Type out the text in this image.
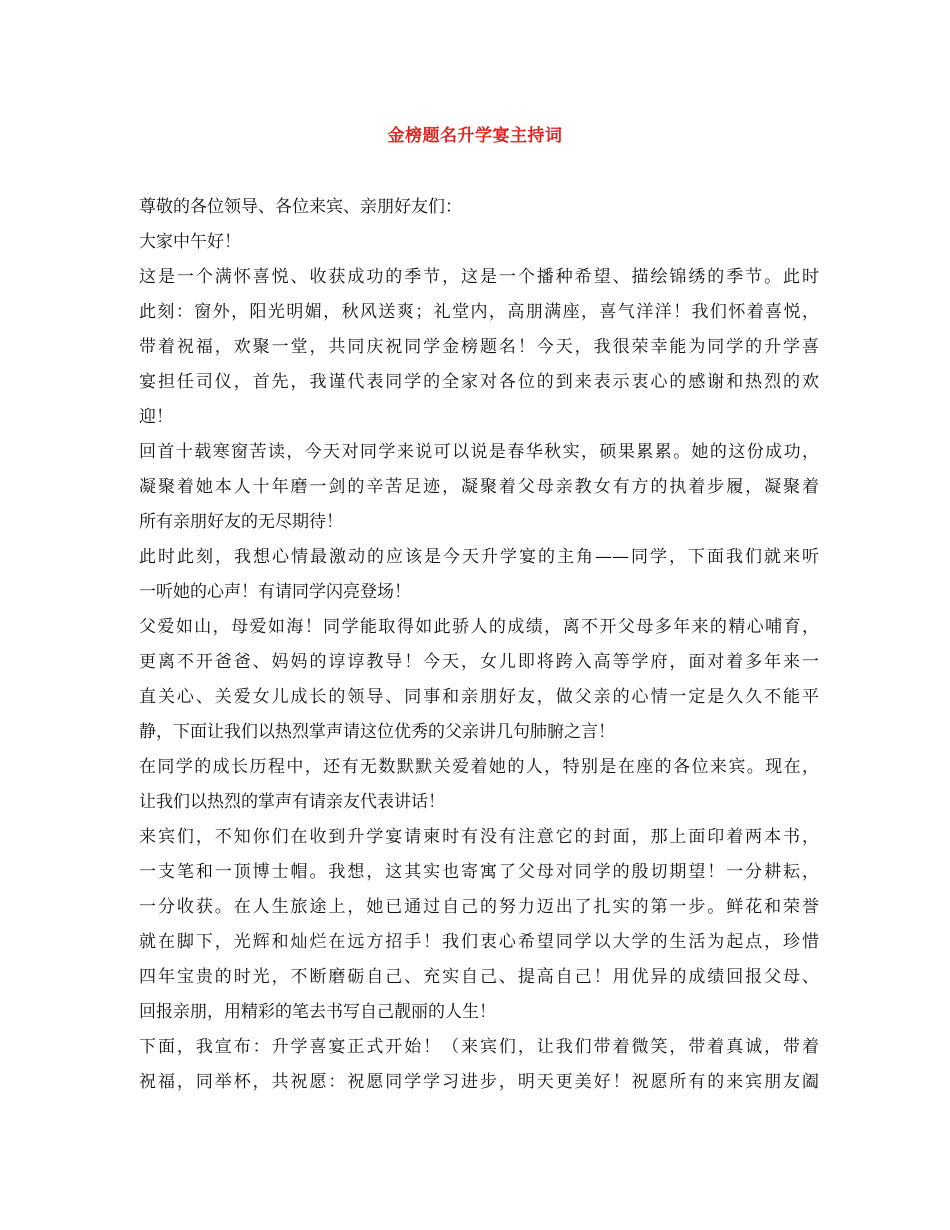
金榜题名升学宴主持词
尊敬的各位领导、各位来宾、亲朋好友们：
大家中午好！
这是一个满怀喜悦、收获成功的季节，这是一个播种希望、描绘锦绣的季节。此时
此刻：窗外，阳光明媚，秋风送爽；礼堂内，高朋满座，喜气洋洋！我们怀着喜悦，
带着祝福，欢聚一堂，共同庆祝同学金榜题名！今天，我很荣幸能为同学的升学喜
宴担任司仪，首先，我谨代表同学的全家对各位的到来表示衷心的感谢和热烈的欢
迎！
回首十载寒窗苦读，今天对同学来说可以说是春华秋实，硕果累累。她的这份成功，
凝聚着她本人十年磨一剑的辛苦足迹，凝聚着父母亲教女有方的执着步履，凝聚着
所有亲朋好友的无尽期待！
此时此刻，我想心情最激动的应该是今天升学宴的主角——同学，下面我们就来听
一听她的心声！有请同学闪亮登场！
父爱如山，母爱如海！同学能取得如此骄人的成绩，离不开父母多年来的精心哺育，
更离不开爸爸、妈妈的谆谆教导！今天，女儿即将跨入高等学府，面对着多年来一
直关心、关爱女儿成长的领导、同事和亲朋好友，做父亲的心情一定是久久不能平
静，下面让我们以热烈掌声请这位优秀的父亲讲几句肺腑之言！
在同学的成长历程中，还有无数默默关爱着她的人，特别是在座的各位来宾。现在，
让我们以热烈的掌声有请亲友代表讲话！
来宾们，不知你们在收到升学宴请柬时有没有注意它的封面，那上面印着两本书，
一支笔和一顶博士帽。我想，这其实也寄寓了父母对同学的殷切期望！一分耕耘，
一分收获。在人生旅途上，她已通过自己的努力迈出了扎实的第一步。鲜花和荣誉
就在脚下，光辉和灿烂在远方招手！我们衷心希望同学以大学的生活为起点，珍惜
四年宝贵的时光，不断磨砺自己、充实自己、提高自己！用优异的成绩回报父母、
回报亲朋，用精彩的笔去书写自己靓丽的人生！
下面，我宣布：升学喜宴正式开始！（来宾们，让我们带着微笑，带着真诚，带着
祝福，同举杯，共祝愿：祝愿同学学习进步，明天更美好！祝愿所有的来宾朋友阖
